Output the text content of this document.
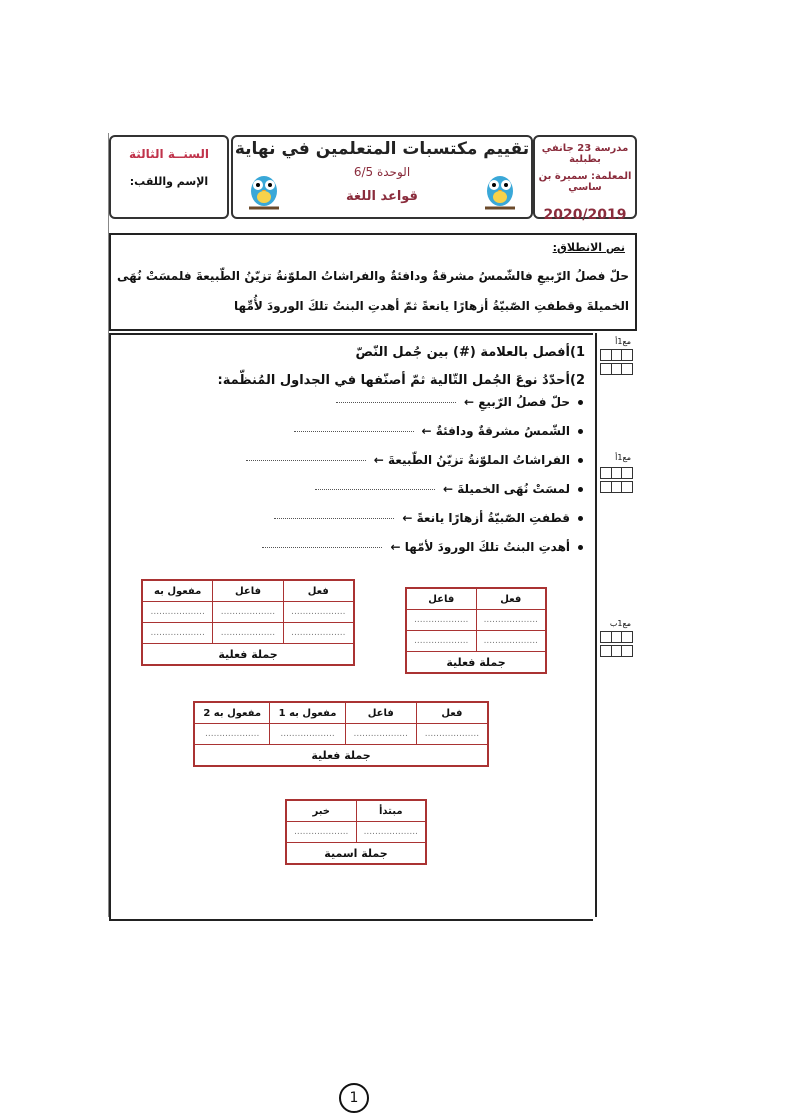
مدرسة 23 جانفي بطبلبة
المعلمة: سميرة بن ساسي
2020/2019
تقييم مكتسبات المتعلمين في نهاية
الوحدة 6/5
قواعد اللغة
السنــة الثالثة
الإسم واللقب:
نص الانطلاق:
حلّ فصلُ الرّبيعِ فالشّمسُ مشرقةٌ ودافئةٌ والفراشاتُ الملوّنةُ تزيّنُ الطّبيعةَ فلمسَتْ نُهَى الخميلةَ وقطفتِ الصّبيّةُ أزهارًا يانعةً ثمّ أهدتِ البنتُ تلكَ الورودَ لأُمِّها
1)أفصل بالعلامة (#) بين جُمل النّصّ
2)أحدّدُ نوعَ الجُمل التّالية ثمّ أصنّفها في الجداول المُنظّمة:
حلّ فصلُ الرّبيعِ ←
الشّمسُ مشرقةٌ ودافئةٌ ←
الفراشاتُ الملوّنةُ تزيّنُ الطّبيعةَ ←
لمسَتْ نُهَى الخميلةَ ←
قطفتِ الصّبيّةُ أزهارًا يانعةً ←
أهدتِ البنتُ تلكَ الورودَ لأمّها ←
فاعل	فعل
...................	...................
...................	...................
جملة فعلية	
مفعول به	فاعل	فعل
...................	...................	...................
...................	...................	...................
جملة فعلية		
مفعول به 2	مفعول به 1	فاعل	فعل
...................	...................	...................	...................
جملة فعلية			
خبر	مبتدأ
...................	...................
جملة اسمية	
1
مع1أ
مع1أ
مع1ب
